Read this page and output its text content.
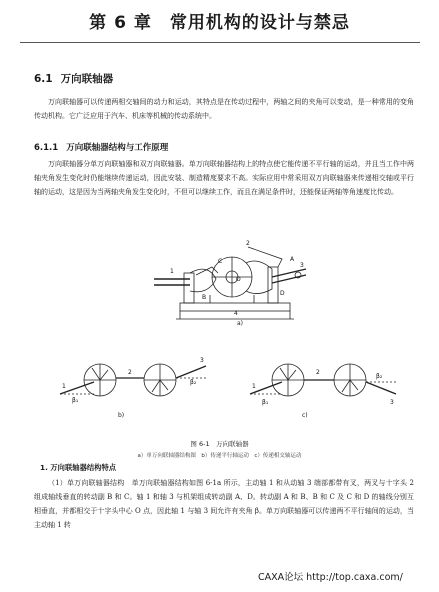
第 6 章　常用机构的设计与禁忌
6.1 万向联轴器

万向联轴器可以传递两相交轴间的动力和运动，其特点是在传动过程中，两轴之间的夹角可以变动，是一种常用的变角传动机构。它广泛应用于汽车、机床等机械的传动系统中。

6.1.1 万向联轴器结构与工作原理

万向联轴器分单万向联轴器和双万向联轴器。单万向联轴器结构上的特点使它能传递不平行轴的运动，并且当工作中两轴夹角发生变化时仍能继续传递运动，因此安装、制造精度要求不高。实际应用中常采用双万向联轴器来传递相交轴或平行轴的运动，这是因为当两轴夹角发生变化时，不但可以继续工作，而且在满足条件时，还能保证两轴等角速度比传动。

1
B
C
O
2
A
3
D
4
1
β₁
2
β₂
3
1
β₁
2
β₂
3
a)
b)	c)
图 6-1　万向联轴器
a）单万向联轴器结构图　b）传递平行轴运动　c）传递相交轴运动
1. 万向联轴器结构特点

（1）单万向联轴器结构　单万向联轴器结构如图 6-1a 所示，主动轴 1 和从动轴 3 端部都带有叉，两叉与十字头 2 组成轴线垂直的转动副 B 和 C。轴 1 和轴 3 与机架组成转动副 A、D。转动副 A 和 B、B 和 C 及 C 和 D 的轴线分别互相垂直，并都相交于十字头中心 O 点，因此轴 1 与轴 3 间允许有夹角 β。单万向联轴器可以传递两不平行轴间的运动，当主动轴 1 转

CAXA论坛 http://top.caxa.com/
